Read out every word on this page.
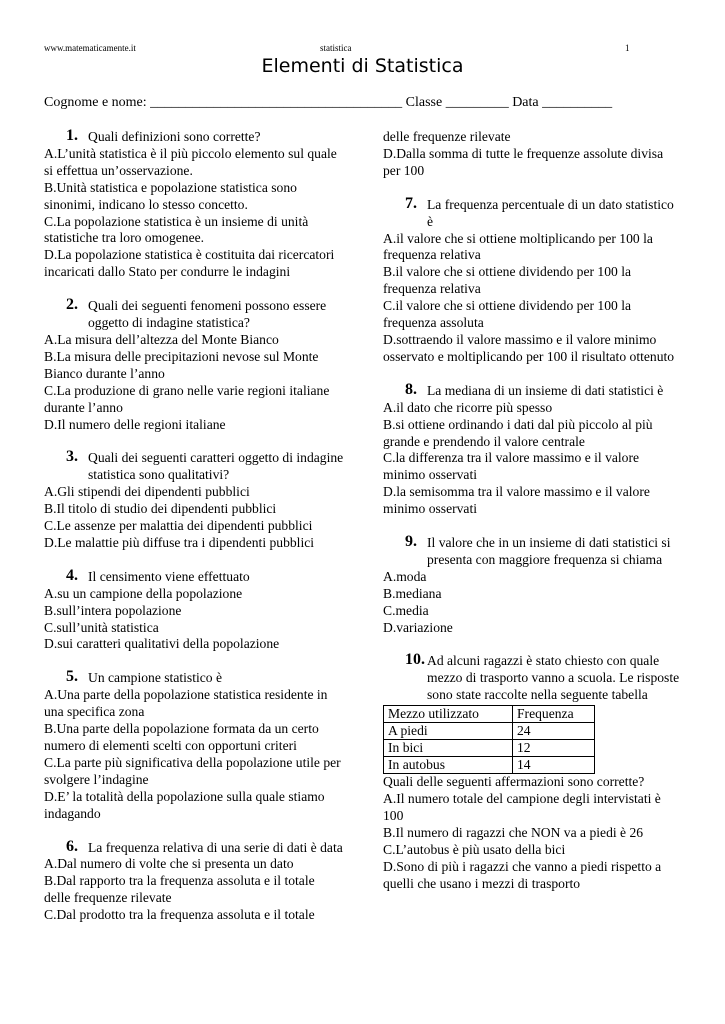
www.matematicamente.it	statistica	1
Elementi di Statistica
Cognome e nome: ____________________________________ Classe _________ Data __________
1. Quali definizioni sono corrette?
A.L’unità statistica è il più piccolo elemento sul quale si effettua un’osservazione.
B.Unità statistica e popolazione statistica sono sinonimi, indicano lo stesso concetto.
C.La popolazione statistica è un insieme di unità statistiche tra loro omogenee.
D.La popolazione statistica è costituita dai ricercatori incaricati dallo Stato per condurre le indagini
2. Quali dei seguenti fenomeni possono essere oggetto di indagine statistica?
A.La misura dell’altezza del Monte Bianco
B.La misura delle precipitazioni nevose sul Monte Bianco durante l’anno
C.La produzione di grano nelle varie regioni italiane durante l’anno
D.Il numero delle regioni italiane
3. Quali dei seguenti caratteri oggetto di indagine statistica sono qualitativi?
A.Gli stipendi dei dipendenti pubblici
B.Il titolo di studio dei dipendenti pubblici
C.Le assenze per malattia dei dipendenti pubblici
D.Le malattie più diffuse tra i dipendenti pubblici
4. Il censimento viene effettuato
A.su un campione della popolazione
B.sull’intera popolazione
C.sull’unità statistica
D.sui caratteri qualitativi della popolazione
5. Un campione statistico è
A.Una parte della popolazione statistica residente in una specifica zona
B.Una parte della popolazione formata da un certo numero di elementi scelti con opportuni criteri
C.La parte più significativa della popolazione utile per svolgere l’indagine
D.E’ la totalità della popolazione sulla quale stiamo indagando
6. La frequenza relativa di una serie di dati è data
A.Dal numero di volte che si presenta un dato
B.Dal rapporto tra la frequenza assoluta e il totale delle frequenze rilevate
C.Dal prodotto tra la frequenza assoluta e il totale
delle frequenze rilevate
D.Dalla somma di tutte le frequenze assolute divisa per 100
7. La frequenza percentuale di un dato statistico è
A.il valore che si ottiene moltiplicando per 100 la frequenza relativa
B.il valore che si ottiene dividendo per 100 la frequenza relativa
C.il valore che si ottiene dividendo per 100 la frequenza assoluta
D.sottraendo il valore massimo e il valore minimo osservato e moltiplicando per 100 il risultato ottenuto
8. La mediana di un insieme di dati statistici è
A.il dato che ricorre più spesso
B.si ottiene ordinando i dati dal più piccolo al più grande e prendendo il valore centrale
C.la differenza tra il valore massimo e il valore minimo osservati
D.la semisomma tra il valore massimo e il valore minimo osservati
9. Il valore che in un insieme di dati statistici si presenta con maggiore frequenza si chiama
A.moda
B.mediana
C.media
D.variazione
10. Ad alcuni ragazzi è stato chiesto con quale mezzo di trasporto vanno a scuola. Le risposte sono state raccolte nella seguente tabella
Mezzo utilizzato	Frequenza
A piedi	24
In bici	12
In autobus	14
Quali delle seguenti affermazioni sono corrette?
A.Il numero totale del campione degli intervistati è 100
B.Il numero di ragazzi che NON va a piedi è 26
C.L’autobus è più usato della bici
D.Sono di più i ragazzi che vanno a piedi rispetto a quelli che usano i mezzi di trasporto
